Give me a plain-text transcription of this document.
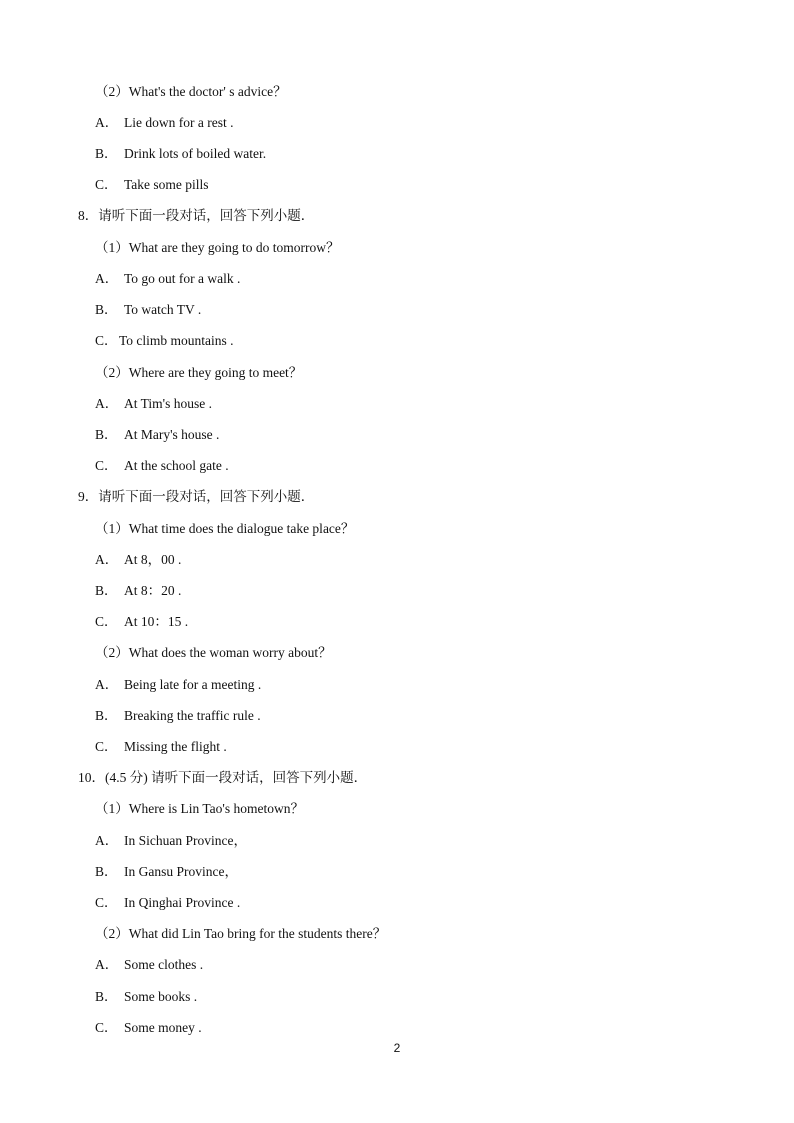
（2）What's the doctor' s advice？
A． Lie down for a rest .
B． Drink lots of boiled water.
C． Take some pills
8．请听下面一段对话，回答下列小题．
（1）What are they going to do tomorrow？
A． To go out for a walk .
B． To watch TV .
C．To climb mountains .
（2）Where are they going to meet？
A． At Tim's house .
B． At Mary's house .
C． At the school gate .
9．请听下面一段对话，回答下列小题．
（1）What time does the dialogue take place？
A． At 8，00 .
B． At 8：20 .
C． At 10：15 .
（2）What does the woman worry about？
A． Being late for a meeting .
B． Breaking the traffic rule .
C． Missing the flight .
10．(4.5 分) 请听下面一段对话，回答下列小题．
（1）Where is Lin Tao's hometown？
A． In Sichuan Province，
B． In Gansu Province，
C． In Qinghai Province .
（2）What did Lin Tao bring for the students there？
A． Some clothes .
B． Some books .
C． Some money .
2
